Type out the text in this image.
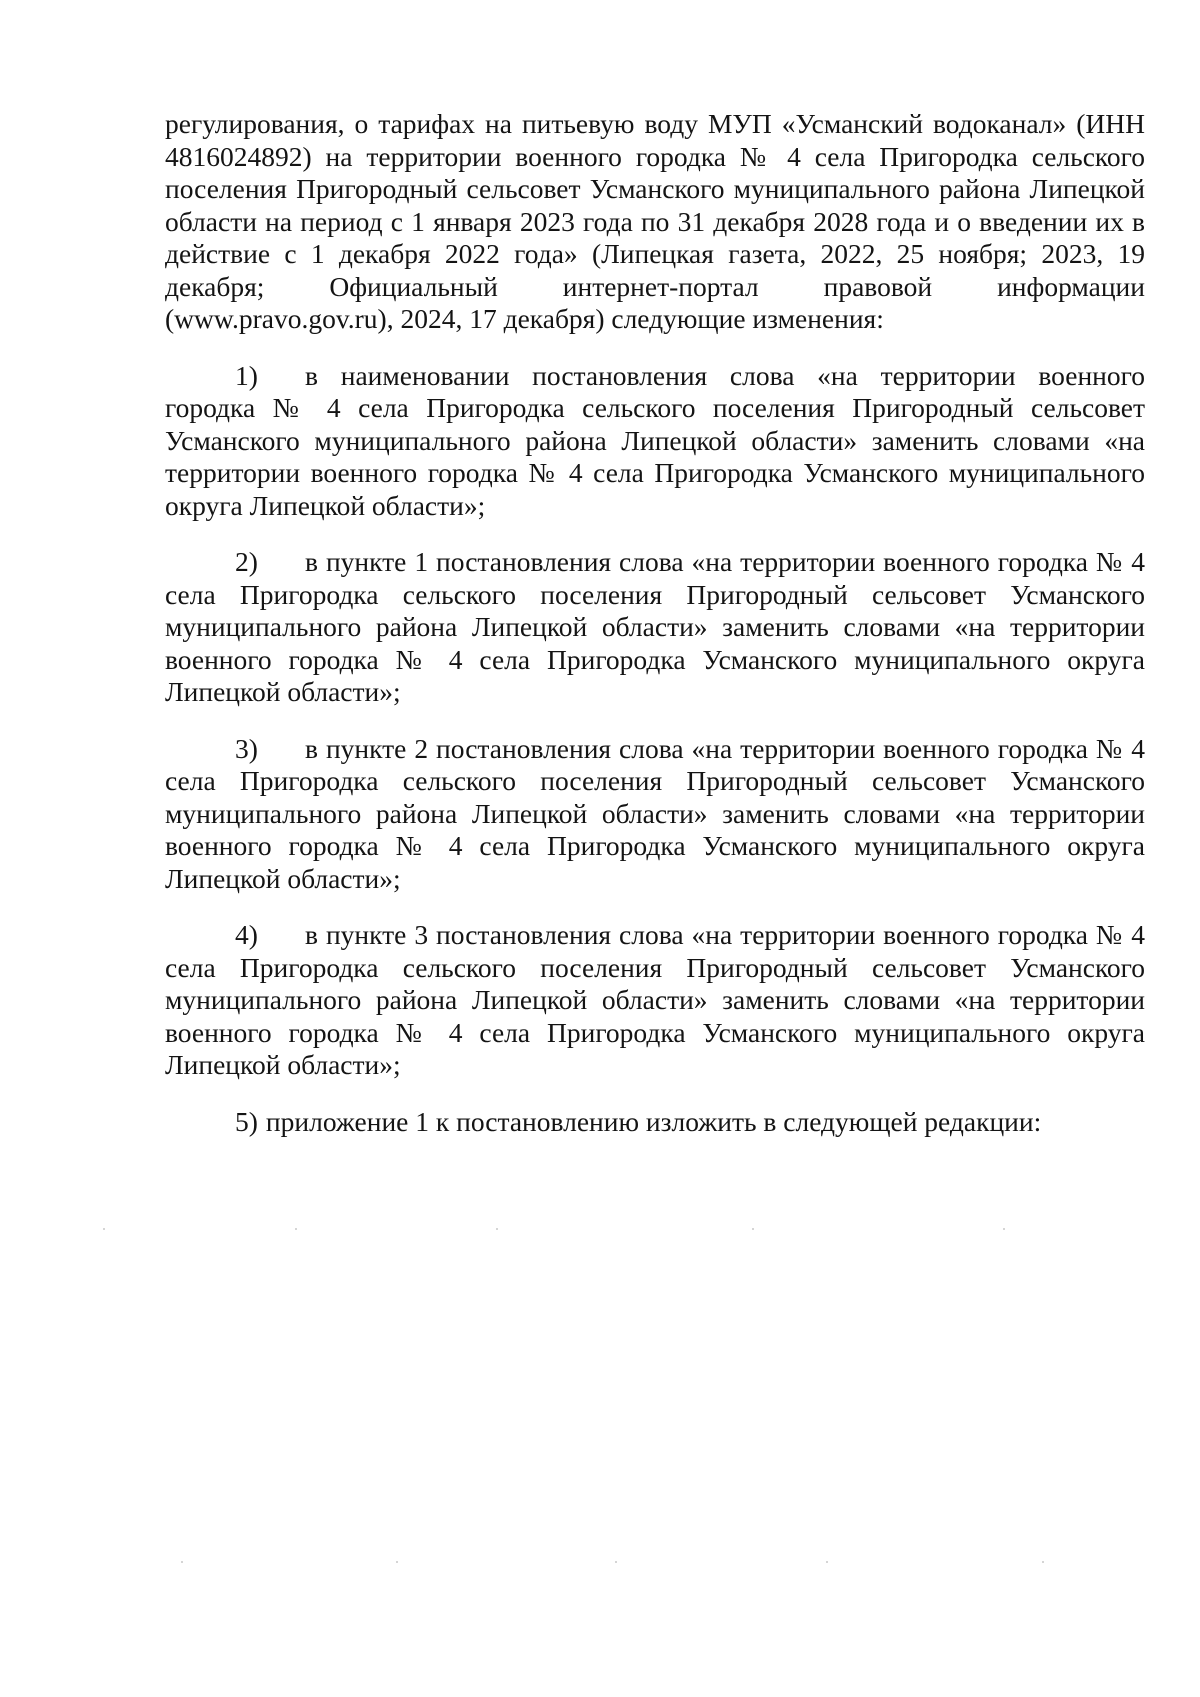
регулирования, о тарифах на питьевую воду МУП «Усманский водоканал» (ИНН 4816024892) на территории военного городка № 4 села Пригородка сельского поселения Пригородный сельсовет Усманского муниципального района Липецкой области на период с 1 января 2023 года по 31 декабря 2028 года и о введении их в действие с 1 декабря 2022 года» (Липецкая газета, 2022, 25 ноября; 2023, 19 декабря; Официальный интернет-портал правовой информации (www.pravo.gov.ru), 2024, 17 декабря) следующие изменения:

1) в наименовании постановления слова «на территории военного городка № 4 села Пригородка сельского поселения Пригородный сельсовет Усманского муниципального района Липецкой области» заменить словами «на территории военного городка № 4 села Пригородка Усманского муниципального округа Липецкой области»;

2) в пункте 1 постановления слова «на территории военного городка № 4 села Пригородка сельского поселения Пригородный сельсовет Усманского муниципального района Липецкой области» заменить словами «на территории военного городка № 4 села Пригородка Усманского муниципального округа Липецкой области»;

3) в пункте 2 постановления слова «на территории военного городка № 4 села Пригородка сельского поселения Пригородный сельсовет Усманского муниципального района Липецкой области» заменить словами «на территории военного городка № 4 села Пригородка Усманского муниципального округа Липецкой области»;

4) в пункте 3 постановления слова «на территории военного городка № 4 села Пригородка сельского поселения Пригородный сельсовет Усманского муниципального района Липецкой области» заменить словами «на территории военного городка № 4 села Пригородка Усманского муниципального округа Липецкой области»;

5) приложение 1 к постановлению изложить в следующей редакции:
